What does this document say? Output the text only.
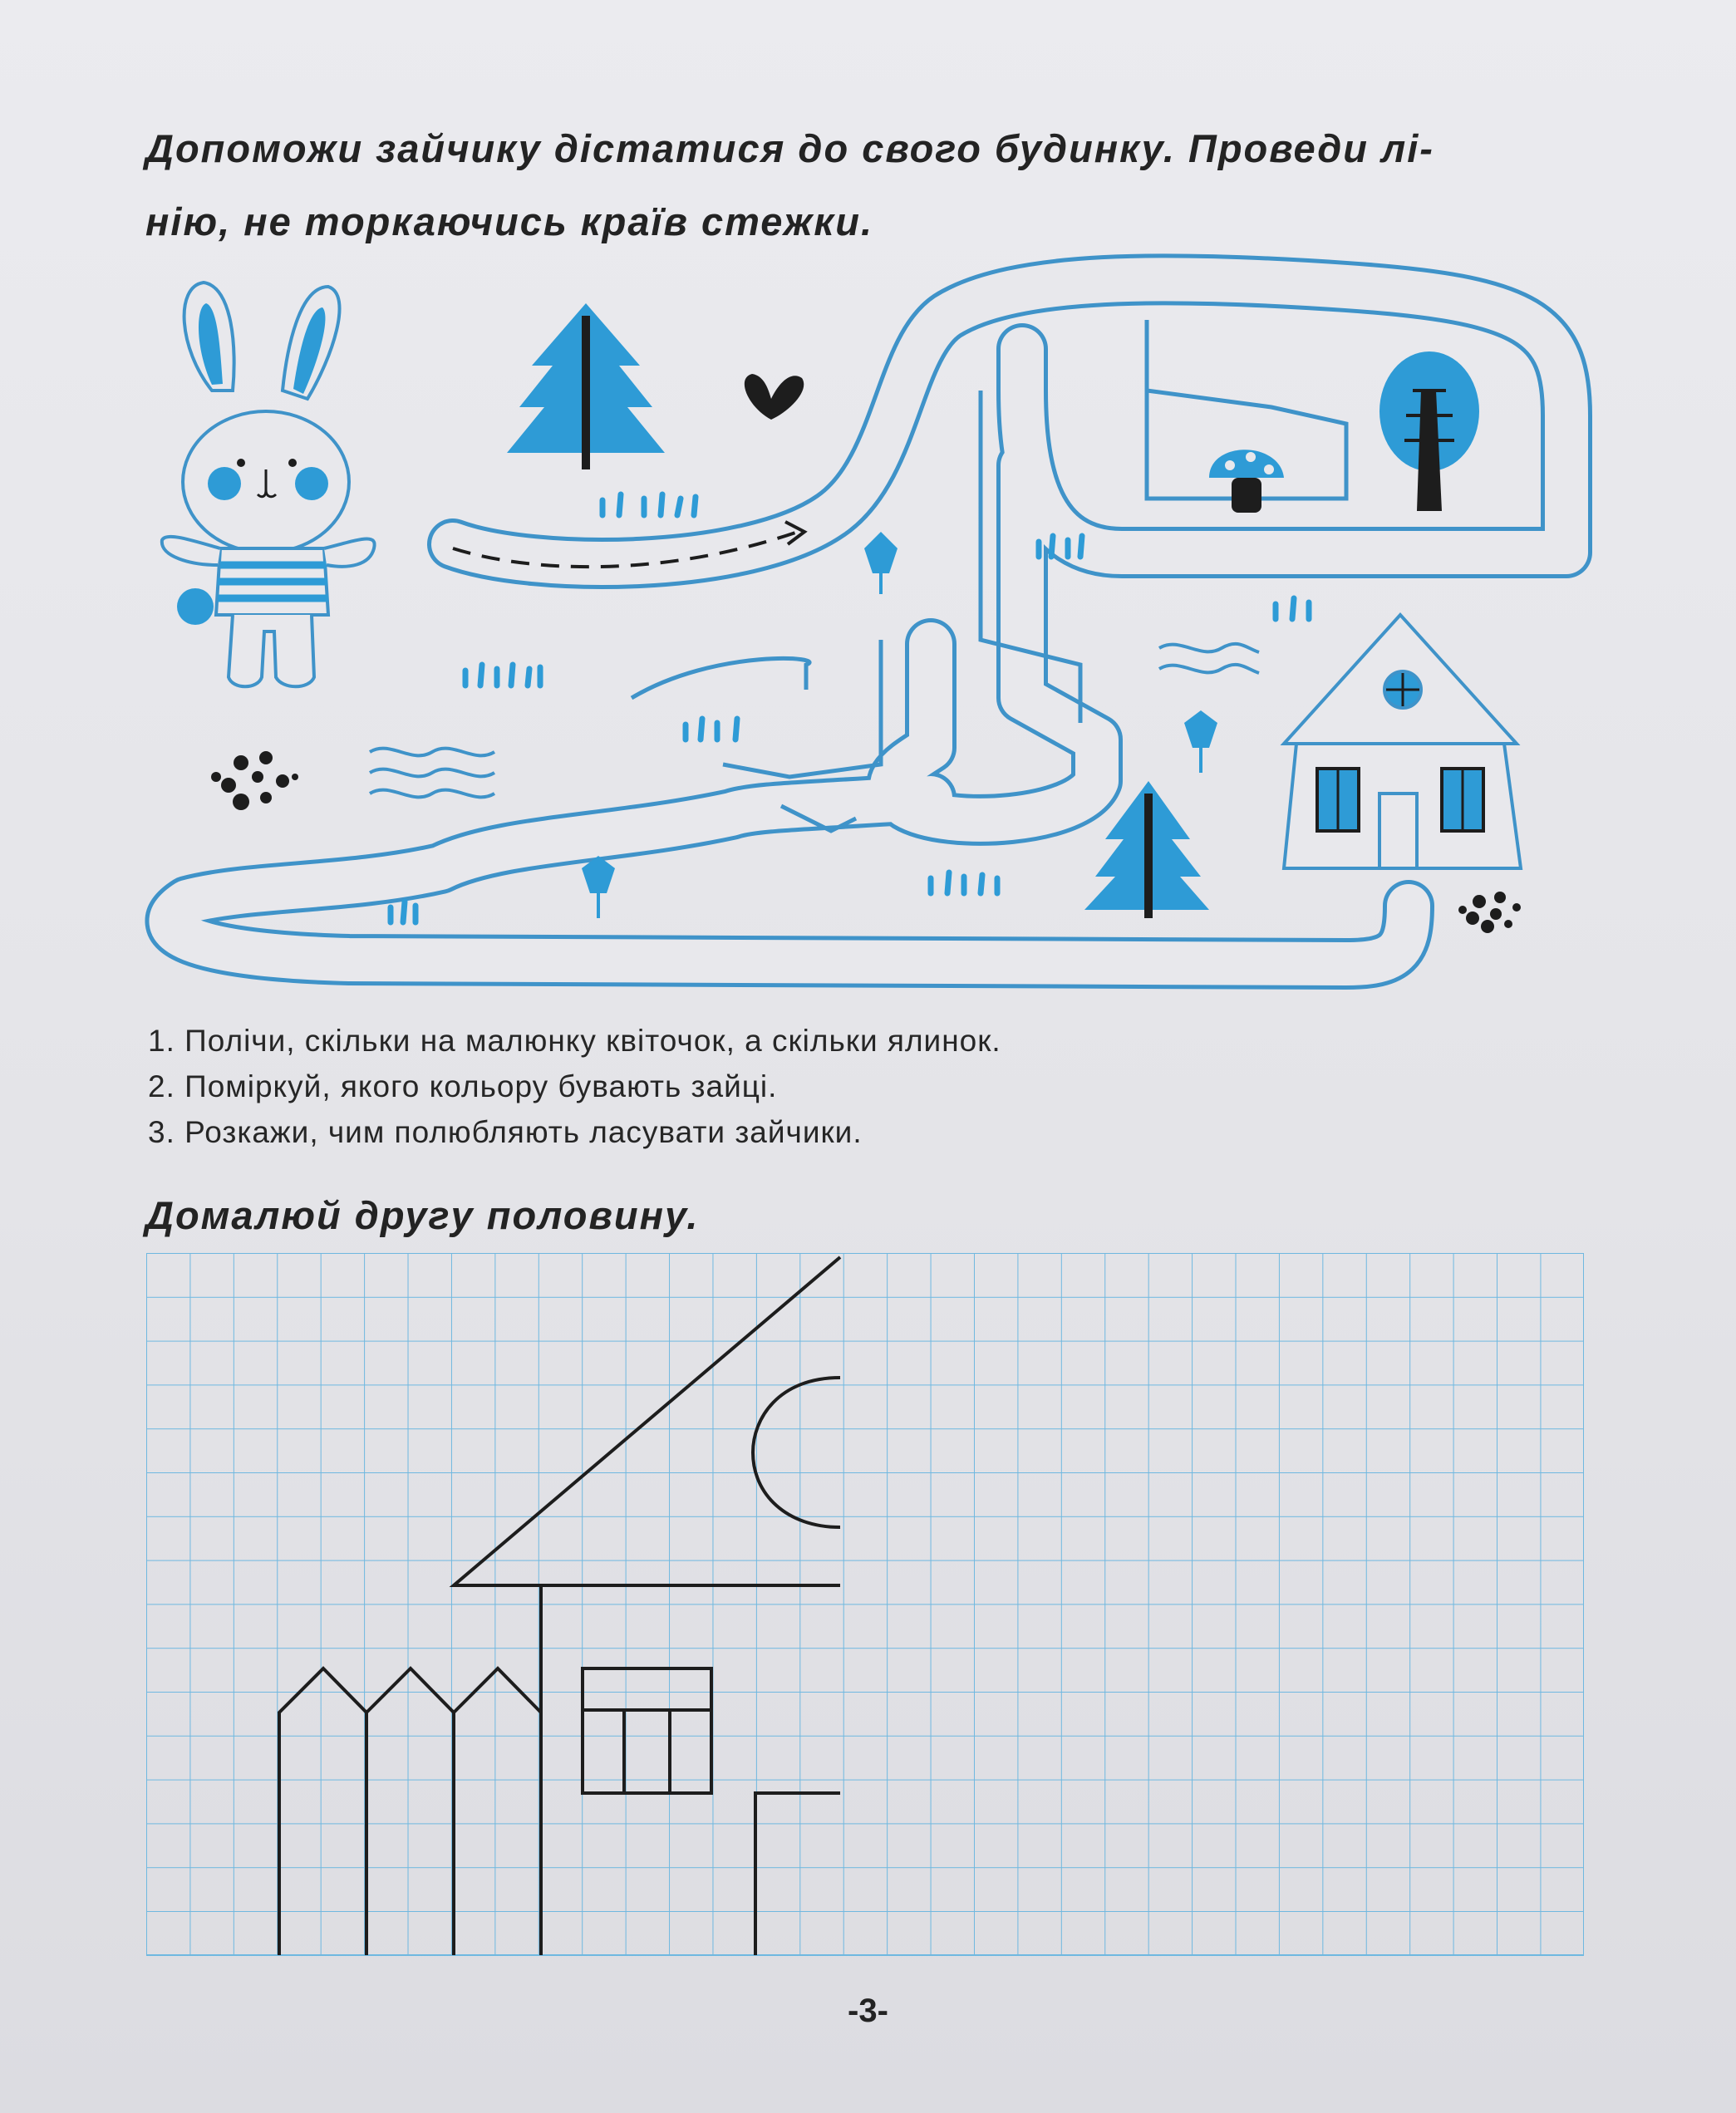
Допоможи зайчику дістатися до свого будинку. Проведи лі-
нію, не торкаючись країв стежки.
1. Полічи, скільки на малюнку квіточок, а скільки ялинок.
2. Поміркуй, якого кольору бувають зайці.
3. Розкажи, чим полюбляють ласувати зайчики.
Домалюй другу половину.
-3-
